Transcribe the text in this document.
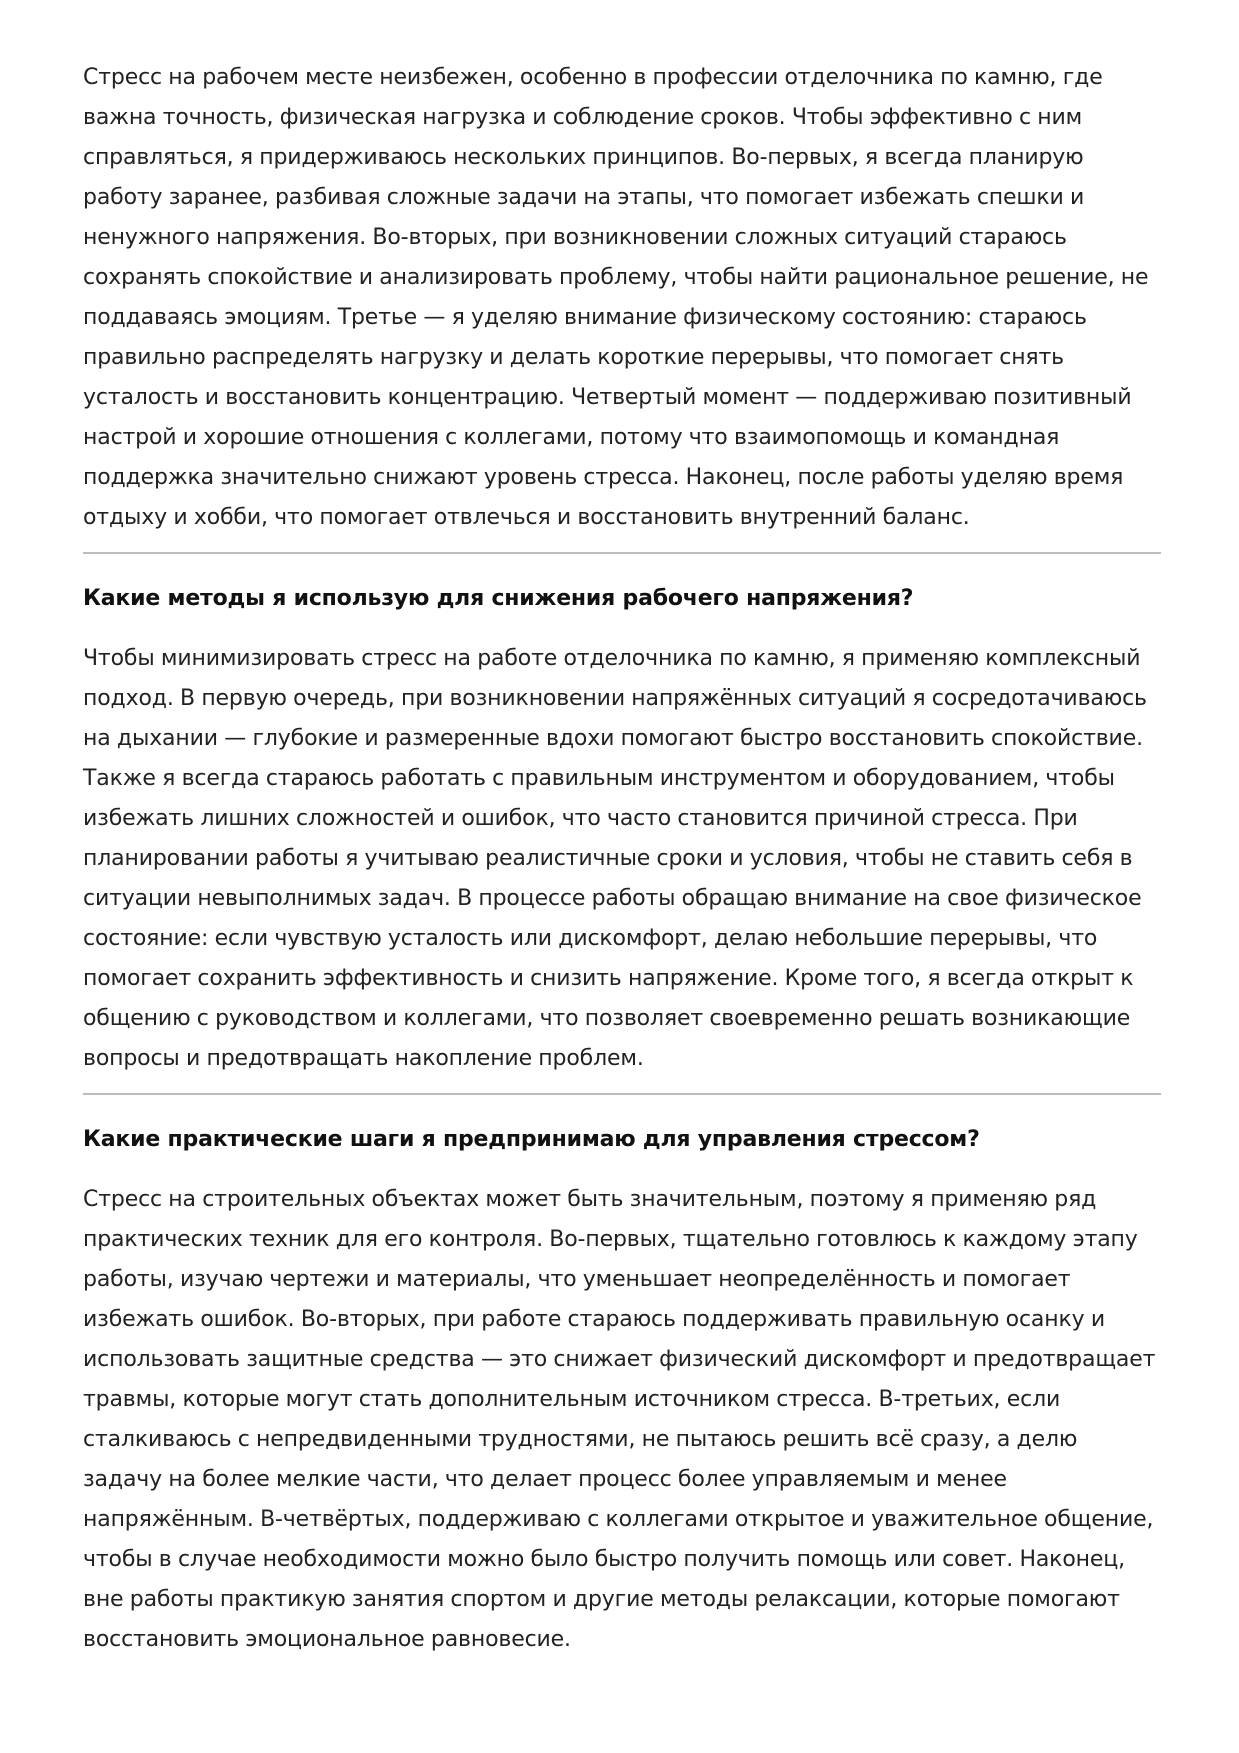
Стресс на рабочем месте неизбежен, особенно в профессии отделочника по камню, где важна точность, физическая нагрузка и соблюдение сроков. Чтобы эффективно с ним справляться, я придерживаюсь нескольких принципов. Во-первых, я всегда планирую работу заранее, разбивая сложные задачи на этапы, что помогает избежать спешки и ненужного напряжения. Во-вторых, при возникновении сложных ситуаций стараюсь сохранять спокойствие и анализировать проблему, чтобы найти рациональное решение, не поддаваясь эмоциям. Третье — я уделяю внимание физическому состоянию: стараюсь правильно распределять нагрузку и делать короткие перерывы, что помогает снять усталость и восстановить концентрацию. Четвертый момент — поддерживаю позитивный настрой и хорошие отношения с коллегами, потому что взаимопомощь и командная поддержка значительно снижают уровень стресса. Наконец, после работы уделяю время отдыху и хобби, что помогает отвлечься и восстановить внутренний баланс.

Какие методы я использую для снижения рабочего напряжения?

Чтобы минимизировать стресс на работе отделочника по камню, я применяю комплексный подход. В первую очередь, при возникновении напряжённых ситуаций я сосредотачиваюсь на дыхании — глубокие и размеренные вдохи помогают быстро восстановить спокойствие. Также я всегда стараюсь работать с правильным инструментом и оборудованием, чтобы избежать лишних сложностей и ошибок, что часто становится причиной стресса. При планировании работы я учитываю реалистичные сроки и условия, чтобы не ставить себя в ситуации невыполнимых задач. В процессе работы обращаю внимание на свое физическое состояние: если чувствую усталость или дискомфорт, делаю небольшие перерывы, что помогает сохранить эффективность и снизить напряжение. Кроме того, я всегда открыт к общению с руководством и коллегами, что позволяет своевременно решать возникающие вопросы и предотвращать накопление проблем.

Какие практические шаги я предпринимаю для управления стрессом?

Стресс на строительных объектах может быть значительным, поэтому я применяю ряд практических техник для его контроля. Во-первых, тщательно готовлюсь к каждому этапу работы, изучаю чертежи и материалы, что уменьшает неопределённость и помогает избежать ошибок. Во-вторых, при работе стараюсь поддерживать правильную осанку и использовать защитные средства — это снижает физический дискомфорт и предотвращает травмы, которые могут стать дополнительным источником стресса. В-третьих, если сталкиваюсь с непредвиденными трудностями, не пытаюсь решить всё сразу, а делю задачу на более мелкие части, что делает процесс более управляемым и менее напряжённым. В-четвёртых, поддерживаю с коллегами открытое и уважительное общение, чтобы в случае необходимости можно было быстро получить помощь или совет. Наконец, вне работы практикую занятия спортом и другие методы релаксации, которые помогают восстановить эмоциональное равновесие.
